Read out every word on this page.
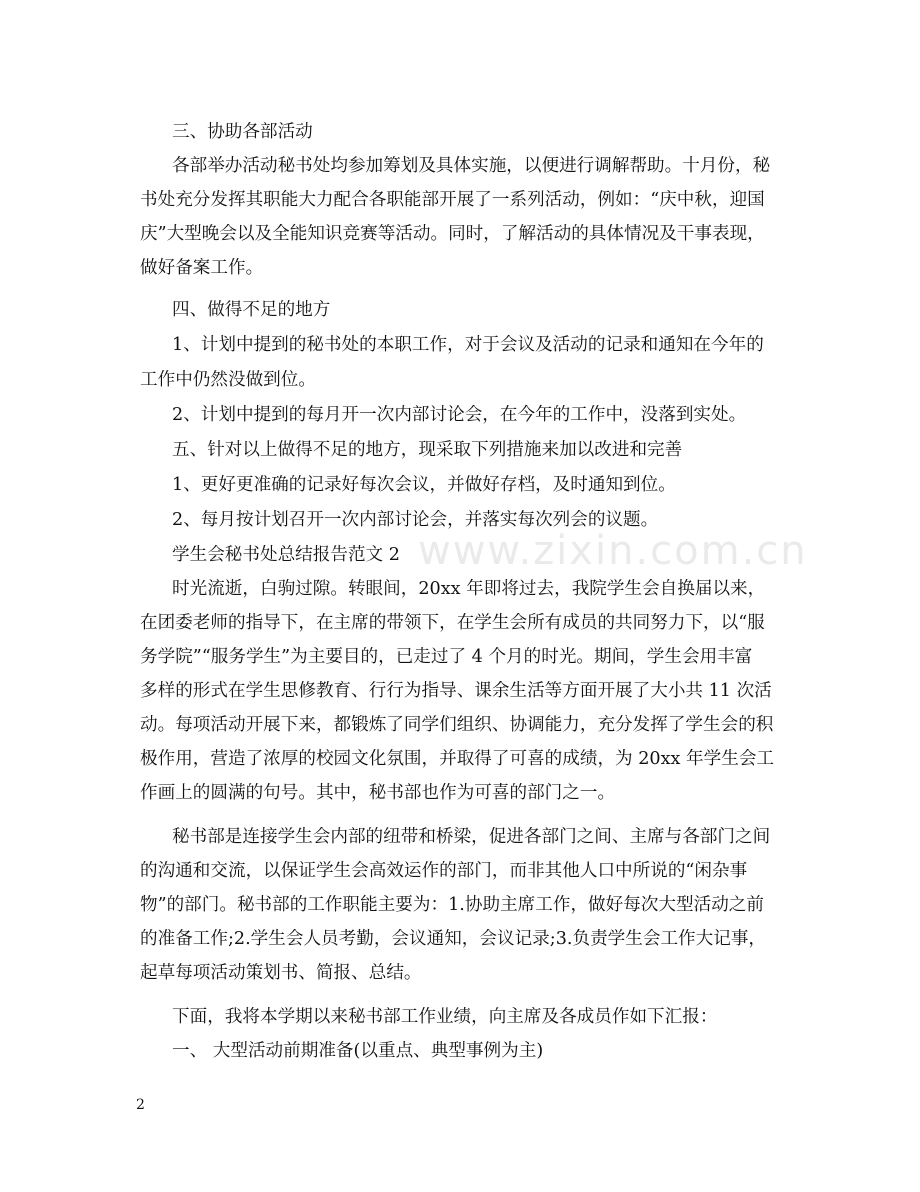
www.zixin.com.cn
三、协助各部活动
各部举办活动秘书处均参加筹划及具体实施，以便进行调解帮助。十月份，秘
书处充分发挥其职能大力配合各职能部开展了一系列活动，例如：“庆中秋，迎国
庆”大型晚会以及全能知识竞赛等活动。同时，了解活动的具体情况及干事表现，
做好备案工作。
四、做得不足的地方
1、计划中提到的秘书处的本职工作，对于会议及活动的记录和通知在今年的
工作中仍然没做到位。
2、计划中提到的每月开一次内部讨论会，在今年的工作中，没落到实处。
五、针对以上做得不足的地方，现采取下列措施来加以改进和完善
1、更好更准确的记录好每次会议，并做好存档，及时通知到位。
2、每月按计划召开一次内部讨论会，并落实每次列会的议题。
学生会秘书处总结报告范文 2
时光流逝，白驹过隙。转眼间，20xx 年即将过去，我院学生会自换届以来，
在团委老师的指导下，在主席的带领下，在学生会所有成员的共同努力下，以“服
务学院”“服务学生”为主要目的，已走过了 4 个月的时光。期间，学生会用丰富
多样的形式在学生思修教育、行行为指导、课余生活等方面开展了大小共 11 次活
动。每项活动开展下来，都锻炼了同学们组织、协调能力，充分发挥了学生会的积
极作用，营造了浓厚的校园文化氛围，并取得了可喜的成绩，为 20xx 年学生会工
作画上的圆满的句号。其中，秘书部也作为可喜的部门之一。
秘书部是连接学生会内部的纽带和桥梁，促进各部门之间、主席与各部门之间
的沟通和交流，以保证学生会高效运作的部门，而非其他人口中所说的“闲杂事
物”的部门。秘书部的工作职能主要为：1.协助主席工作，做好每次大型活动之前
的准备工作;2.学生会人员考勤，会议通知，会议记录;3.负责学生会工作大记事，
起草每项活动策划书、简报、总结。
下面，我将本学期以来秘书部工作业绩，向主席及各成员作如下汇报：
一、 大型活动前期准备(以重点、典型事例为主)
2
